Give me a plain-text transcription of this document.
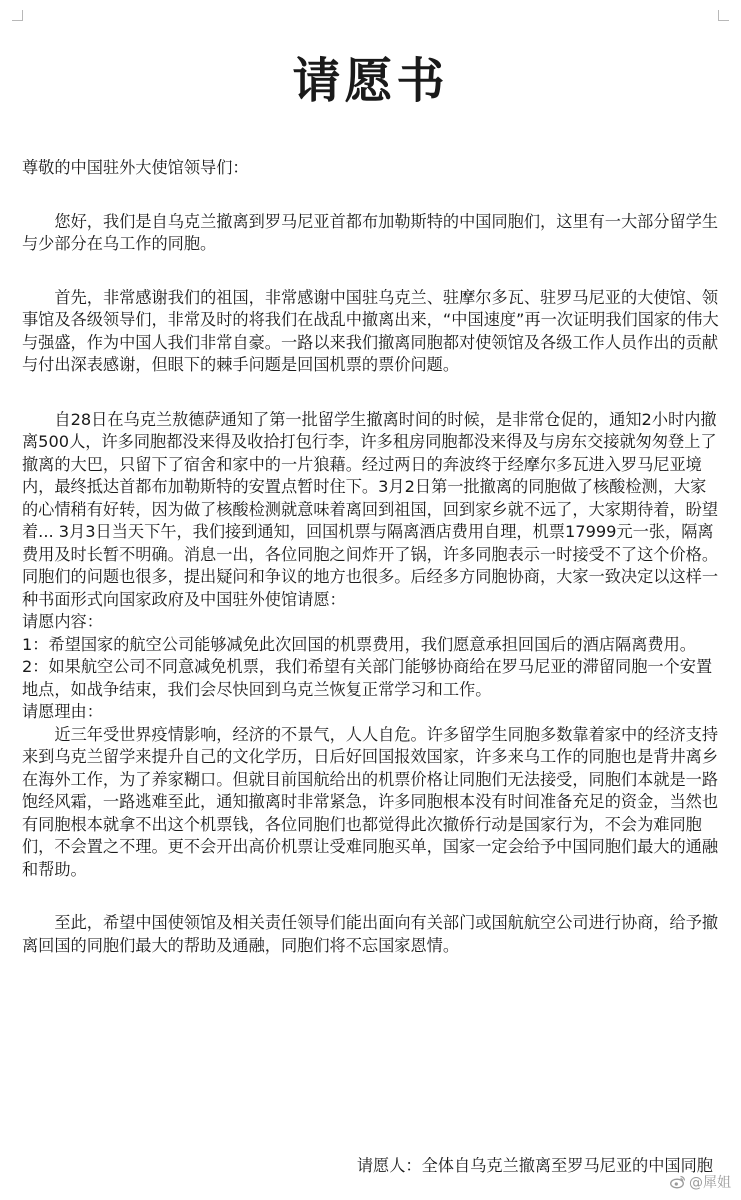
请愿书

尊敬的中国驻外大使馆领导们：

您好，我们是自乌克兰撤离到罗马尼亚首都布加勒斯特的中国同胞们，这里有一大部分留学生与少部分在乌工作的同胞。

首先，非常感谢我们的祖国，非常感谢中国驻乌克兰、驻摩尔多瓦、驻罗马尼亚的大使馆、领事馆及各级领导们，非常及时的将我们在战乱中撤离出来，“中国速度”再一次证明我们国家的伟大与强盛，作为中国人我们非常自豪。一路以来我们撤离同胞都对使领馆及各级工作人员作出的贡献与付出深表感谢，但眼下的棘手问题是回国机票的票价问题。

自28日在乌克兰敖德萨通知了第一批留学生撤离时间的时候，是非常仓促的，通知2小时内撤离500人，许多同胞都没来得及收拾打包行李，许多租房同胞都没来得及与房东交接就匆匆登上了撤离的大巴，只留下了宿舍和家中的一片狼藉。经过两日的奔波终于经摩尔多瓦进入罗马尼亚境内，最终抵达首都布加勒斯特的安置点暂时住下。3月2日第一批撤离的同胞做了核酸检测，大家的心情稍有好转，因为做了核酸检测就意味着离回到祖国，回到家乡就不远了，大家期待着，盼望着... 3月3日当天下午，我们接到通知，回国机票与隔离酒店费用自理，机票17999元一张，隔离费用及时长暂不明确。消息一出，各位同胞之间炸开了锅，许多同胞表示一时接受不了这个价格。同胞们的问题也很多，提出疑问和争议的地方也很多。后经多方同胞协商，大家一致决定以这样一种书面形式向国家政府及中国驻外使馆请愿：

请愿内容：

1：希望国家的航空公司能够减免此次回国的机票费用，我们愿意承担回国后的酒店隔离费用。

2：如果航空公司不同意减免机票，我们希望有关部门能够协商给在罗马尼亚的滞留同胞一个安置地点，如战争结束，我们会尽快回到乌克兰恢复正常学习和工作。

请愿理由：

近三年受世界疫情影响，经济的不景气，人人自危。许多留学生同胞多数靠着家中的经济支持来到乌克兰留学来提升自己的文化学历，日后好回国报效国家，许多来乌工作的同胞也是背井离乡在海外工作，为了养家糊口。但就目前国航给出的机票价格让同胞们无法接受，同胞们本就是一路饱经风霜，一路逃难至此，通知撤离时非常紧急，许多同胞根本没有时间准备充足的资金，当然也有同胞根本就拿不出这个机票钱，各位同胞们也都觉得此次撤侨行动是国家行为，不会为难同胞们，不会置之不理。更不会开出高价机票让受难同胞买单，国家一定会给予中国同胞们最大的通融和帮助。

至此，希望中国使领馆及相关责任领导们能出面向有关部门或国航航空公司进行协商，给予撤离回国的同胞们最大的帮助及通融，同胞们将不忘国家恩情。

请愿人：全体自乌克兰撤离至罗马尼亚的中国同胞
@犀姐
